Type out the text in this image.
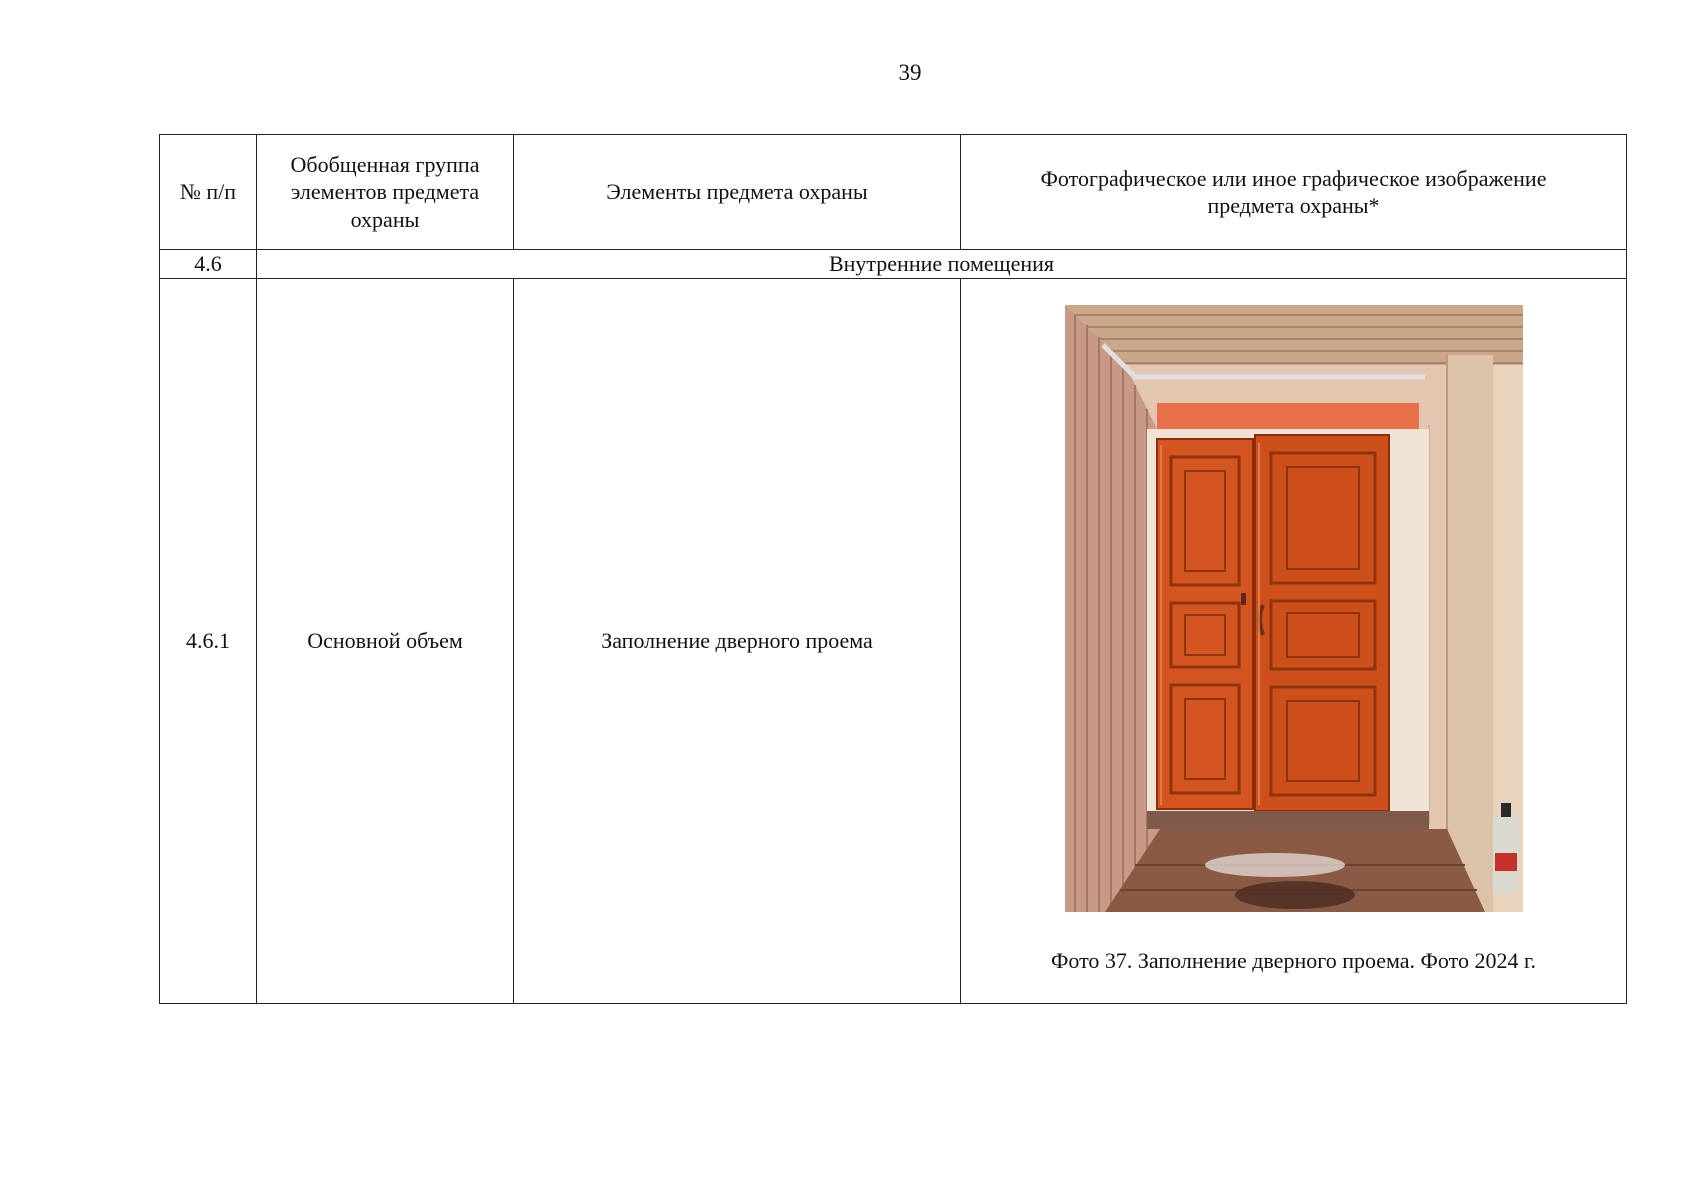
39
№ п/п	Обобщенная группа элементов предмета охраны	Элементы предмета охраны	Фотографическое или иное графическое изображение предмета охраны*
4.6	Внутренние помещения		
4.6.1	Основной объем	Заполнение дверного проема	Фото 37. Заполнение дверного проема. Фото 2024 г.
